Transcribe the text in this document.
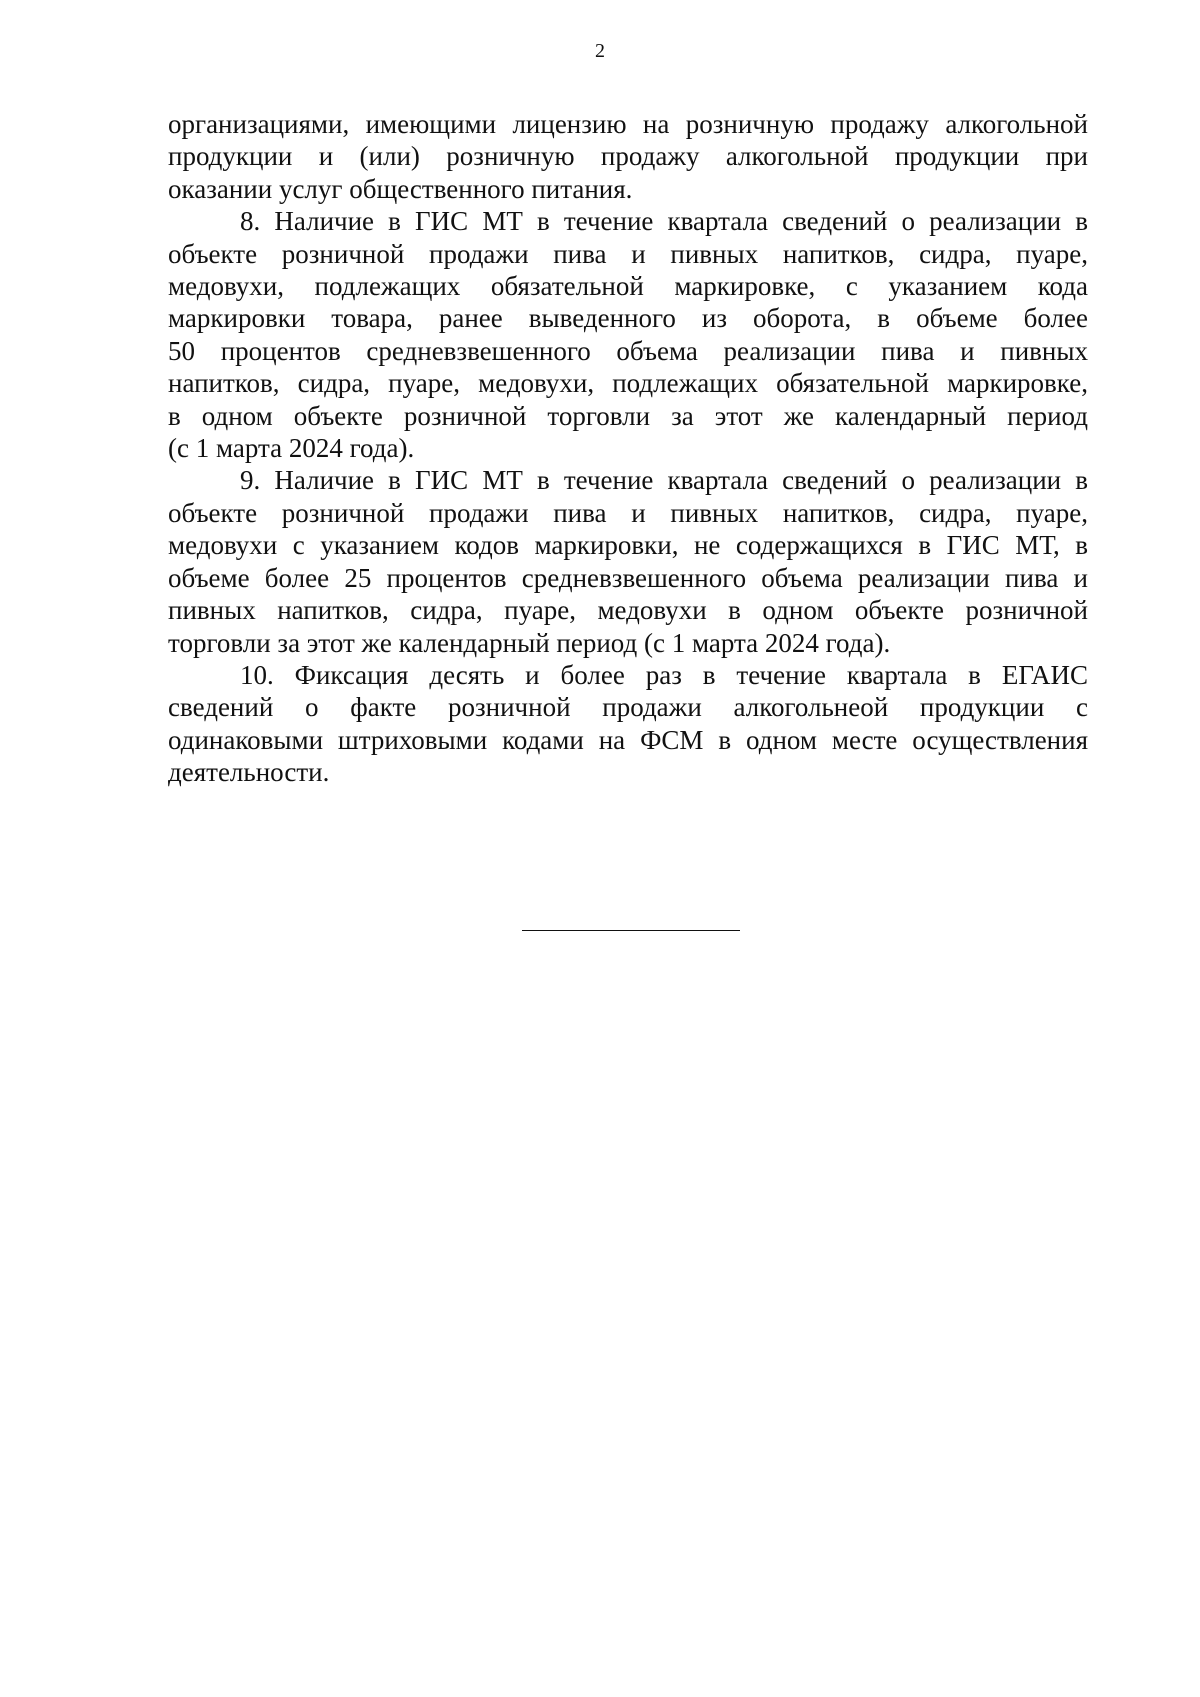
2

организациями, имеющими лицензию на розничную продажу алкогольной
продукции и (или) розничную продажу алкогольной продукции при
оказании услуг общественного питания.

8. Наличие в ГИС МТ в течение квартала сведений о реализации в
объекте розничной продажи пива и пивных напитков, сидра, пуаре,
медовухи, подлежащих обязательной маркировке, с указанием кода
маркировки товара, ранее выведенного из оборота, в объеме более
50 процентов средневзвешенного объема реализации пива и пивных
напитков, сидра, пуаре, медовухи, подлежащих обязательной маркировке,
в одном объекте розничной торговли за этот же календарный период
(с 1 марта 2024 года).

9. Наличие в ГИС МТ в течение квартала сведений о реализации в
объекте розничной продажи пива и пивных напитков, сидра, пуаре,
медовухи с указанием кодов маркировки, не содержащихся в ГИС МТ, в
объеме более 25 процентов средневзвешенного объема реализации пива и
пивных напитков, сидра, пуаре, медовухи в одном объекте розничной
торговли за этот же календарный период (с 1 марта 2024 года).

10. Фиксация десять и более раз в течение квартала в ЕГАИС
сведений о факте розничной продажи алкогольнеой продукции с
одинаковыми штриховыми кодами на ФСМ в одном месте осуществления
деятельности.
